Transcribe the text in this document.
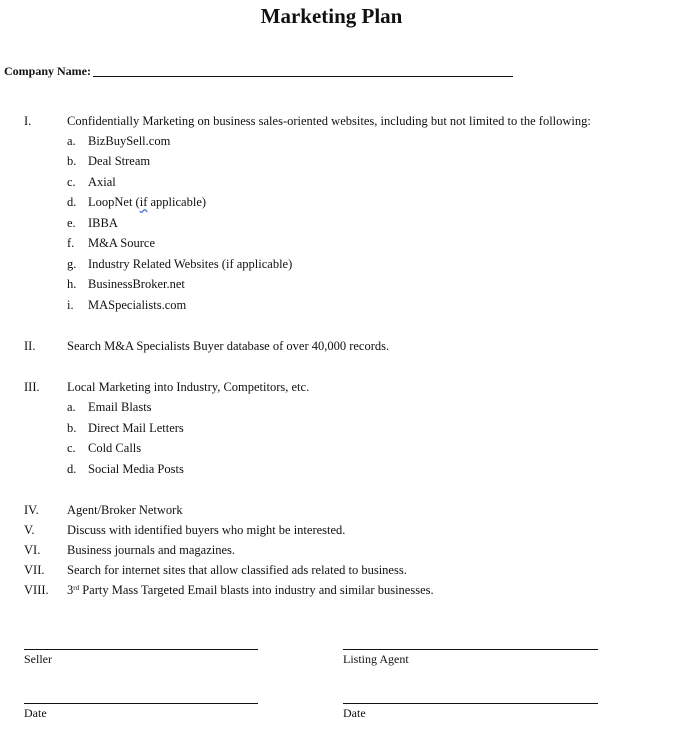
Marketing Plan
Company Name:
I.	Confidentially Marketing on business sales-oriented websites, including but not limited to the following:
a. BizBuySell.com
b. Deal Stream
c. Axial
d. LoopNet (if applicable)
e. IBBA
f. M&A Source
g. Industry Related Websites (if applicable)
h. BusinessBroker.net
i. MASpecialists.com
II.	Search M&A Specialists Buyer database of over 40,000 records.
III. Local Marketing into Industry, Competitors, etc.
a. Email Blasts
b. Direct Mail Letters
c. Cold Calls
d. Social Media Posts
IV. Agent/Broker Network
V.	Discuss with identified buyers who might be interested.
VI. Business journals and magazines.
VII. Search for internet sites that allow classified ads related to business.
VIII. 3rd Party Mass Targeted Email blasts into industry and similar businesses.
Seller	Listing Agent
Date	Date
